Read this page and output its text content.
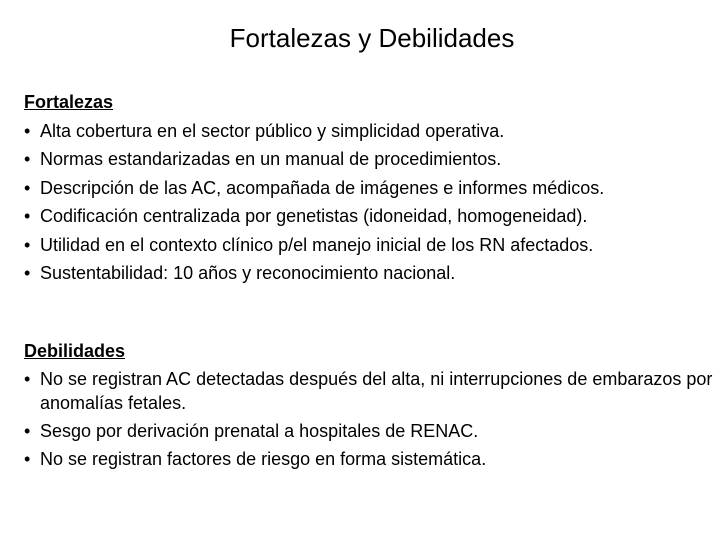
Fortalezas y Debilidades
Fortalezas
• Alta cobertura en el sector público y simplicidad operativa.
• Normas estandarizadas en un manual de procedimientos.
• Descripción de las AC, acompañada de imágenes e informes médicos.
• Codificación centralizada por genetistas (idoneidad, homogeneidad).
• Utilidad en el contexto clínico p/el manejo inicial de los RN afectados.
• Sustentabilidad: 10 años y reconocimiento nacional.
Debilidades
• No se registran AC detectadas después del alta, ni interrupciones de embarazos por anomalías fetales.
• Sesgo por derivación prenatal a hospitales de RENAC.
• No se registran factores de riesgo en forma sistemática.
